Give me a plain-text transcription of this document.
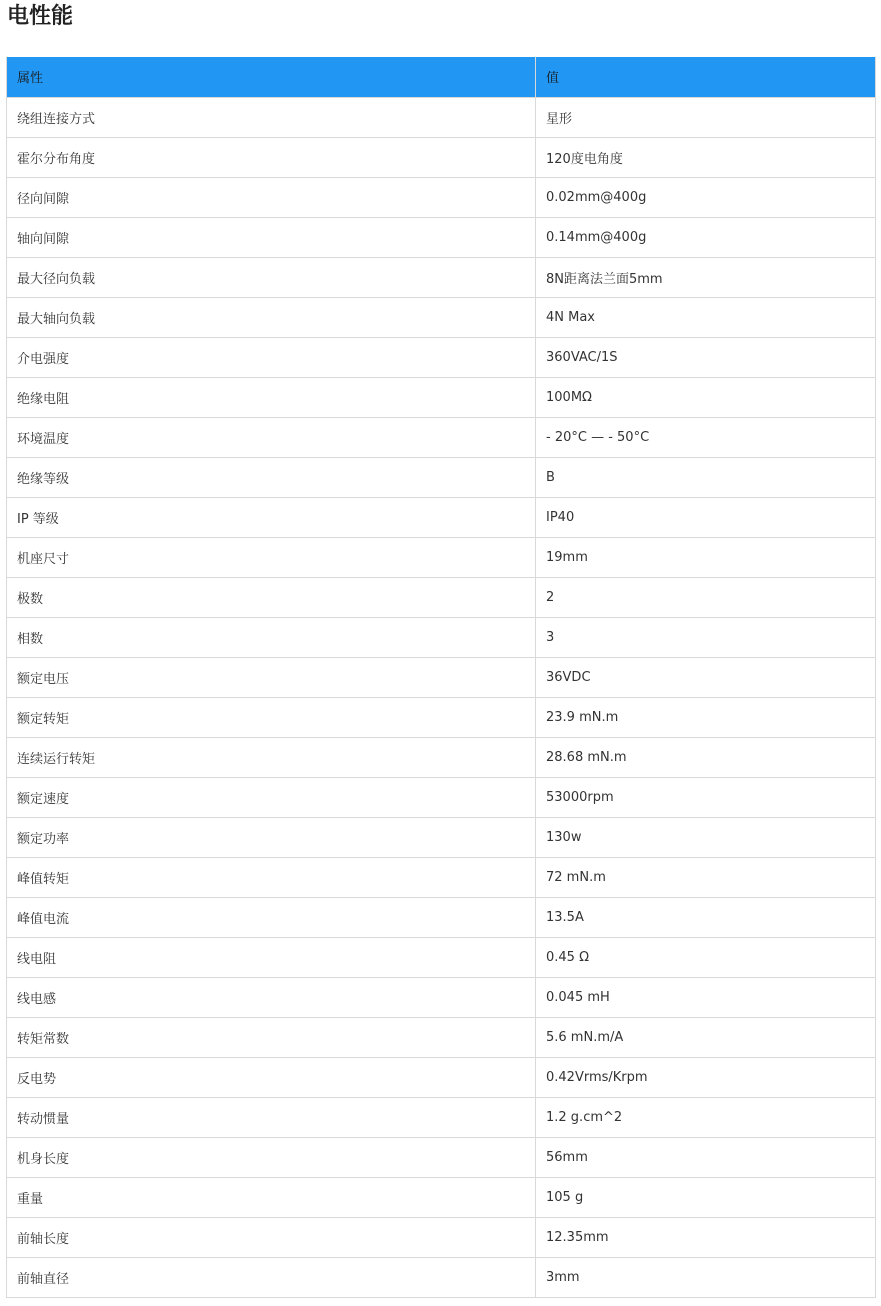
电性能
属性	值
绕组连接方式	星形
霍尔分布角度	120度电角度
径向间隙	0.02mm@400g
轴向间隙	0.14mm@400g
最大径向负载	8N距离法兰面5mm
最大轴向负载	4N Max
介电强度	360VAC/1S
绝缘电阻	100MΩ
环境温度	- 20°C — - 50°C
绝缘等级	B
IP 等级	IP40
机座尺寸	19mm
极数	2
相数	3
额定电压	36VDC
额定转矩	23.9 mN.m
连续运行转矩	28.68 mN.m
额定速度	53000rpm
额定功率	130w
峰值转矩	72 mN.m
峰值电流	13.5A
线电阻	0.45 Ω
线电感	0.045 mH
转矩常数	5.6 mN.m/A
反电势	0.42Vrms/Krpm
转动惯量	1.2 g.cm^2
机身长度	56mm
重量	105 g
前轴长度	12.35mm
前轴直径	3mm
